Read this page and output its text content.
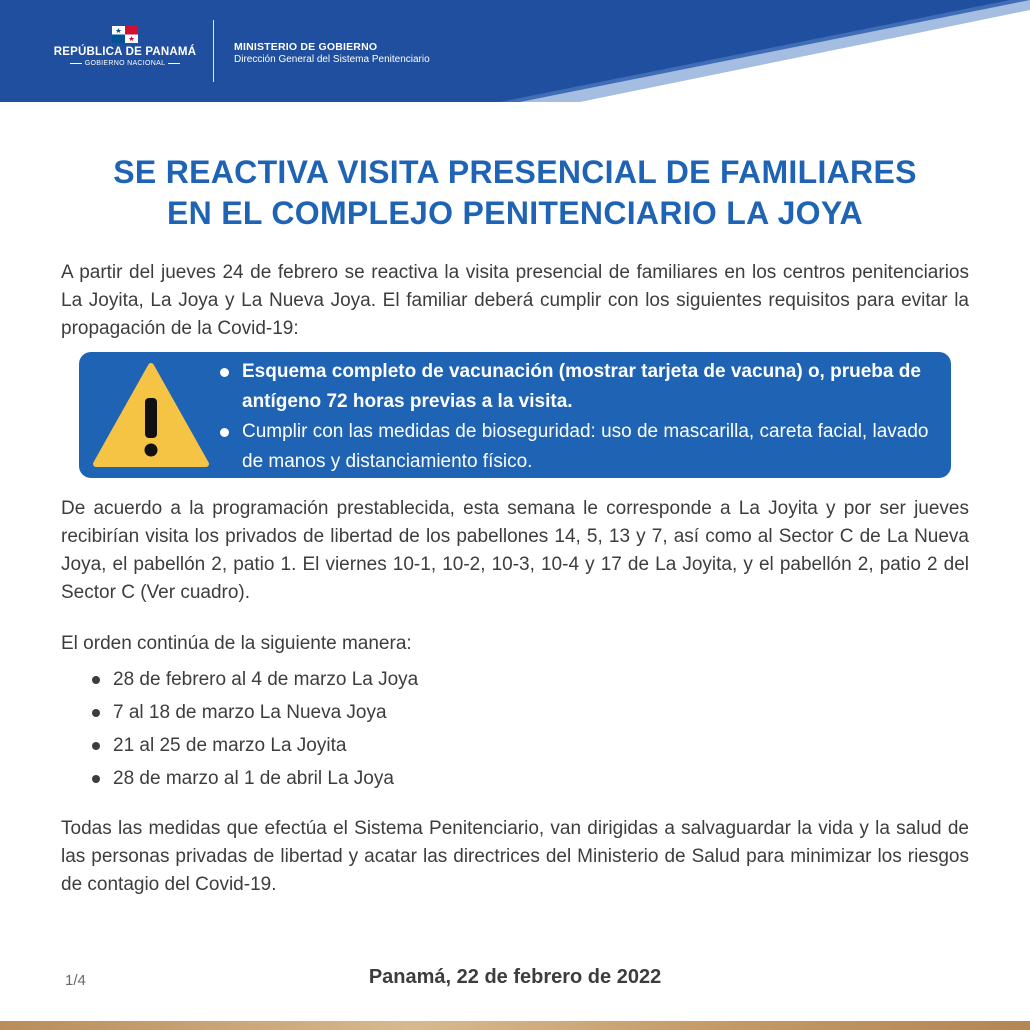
REPÚBLICA DE PANAMÁ
GOBIERNO NACIONAL
MINISTERIO DE GOBIERNO
Dirección General del Sistema Penitenciario
SE REACTIVA VISITA PRESENCIAL DE FAMILIARES
EN EL COMPLEJO PENITENCIARIO LA JOYA

A partir del jueves 24 de febrero se reactiva la visita presencial de familiares en los centros penitenciarios La Joyita, La Joya y La Nueva Joya. El familiar deberá cumplir con los siguientes requisitos para evitar la propagación de la Covid-19:

Esquema completo de vacunación (mostrar tarjeta de vacuna) o, prueba de antígeno 72 horas previas a la visita.
Cumplir con las medidas de bioseguridad: uso de mascarilla, careta facial, lavado de manos y distanciamiento físico.

De acuerdo a la programación prestablecida, esta semana le corresponde a La Joyita y por ser jueves recibirían visita los privados de libertad de los pabellones 14, 5, 13 y 7, así como al Sector C de La Nueva Joya, el pabellón 2, patio 1. El viernes 10-1, 10-2, 10-3, 10-4 y 17 de La Joyita, y el pabellón 2, patio 2 del Sector C (Ver cuadro).

El orden continúa de la siguiente manera:

28 de febrero al 4 de marzo La Joya
7 al 18 de marzo La Nueva Joya
21 al 25 de marzo La Joyita
28 de marzo al 1 de abril La Joya

Todas las medidas que efectúa el Sistema Penitenciario, van dirigidas a salvaguardar la vida y la salud de las personas privadas de libertad y acatar las directrices del Ministerio de Salud para minimizar los riesgos de contagio del Covid-19.

1/4	Panamá, 22 de febrero de 2022
